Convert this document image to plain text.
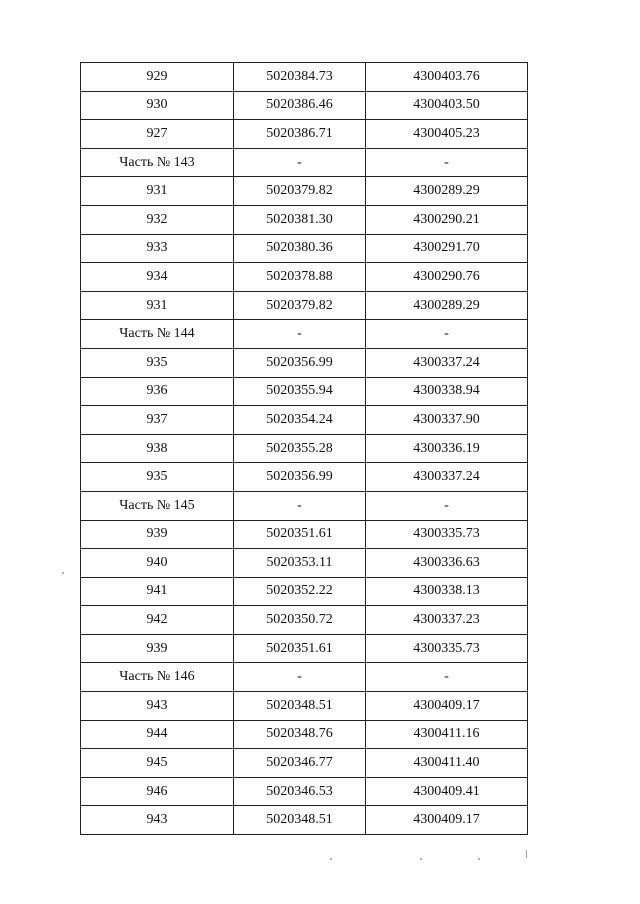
929	5020384.73	4300403.76
930	5020386.46	4300403.50
927	5020386.71	4300405.23
Часть № 143	-	-
931	5020379.82	4300289.29
932	5020381.30	4300290.21
933	5020380.36	4300291.70
934	5020378.88	4300290.76
931	5020379.82	4300289.29
Часть № 144	-	-
935	5020356.99	4300337.24
936	5020355.94	4300338.94
937	5020354.24	4300337.90
938	5020355.28	4300336.19
935	5020356.99	4300337.24
Часть № 145	-	-
939	5020351.61	4300335.73
940	5020353.11	4300336.63
941	5020352.22	4300338.13
942	5020350.72	4300337.23
939	5020351.61	4300335.73
Часть № 146	-	-
943	5020348.51	4300409.17
944	5020348.76	4300411.16
945	5020346.77	4300411.40
946	5020346.53	4300409.41
943	5020348.51	4300409.17
